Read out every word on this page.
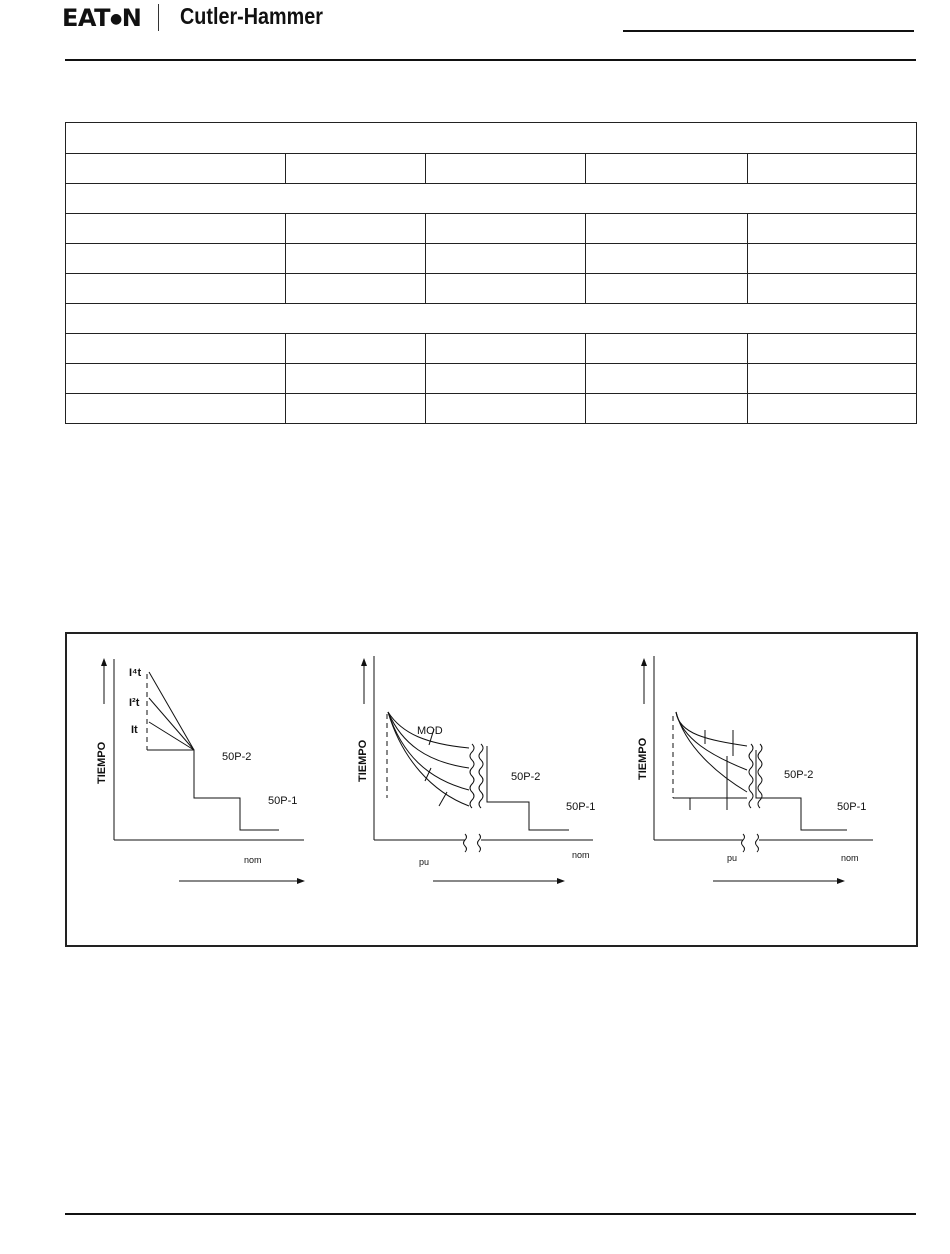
EAT●N Cutler-Hammer

TIEMPO
I⁴t
I²t
It
50P-2
50P-1
nom
TIEMPO
MOD
50P-2
50P-1
pu
nom
TIEMPO	50P-2
50P-1
pu	nom
